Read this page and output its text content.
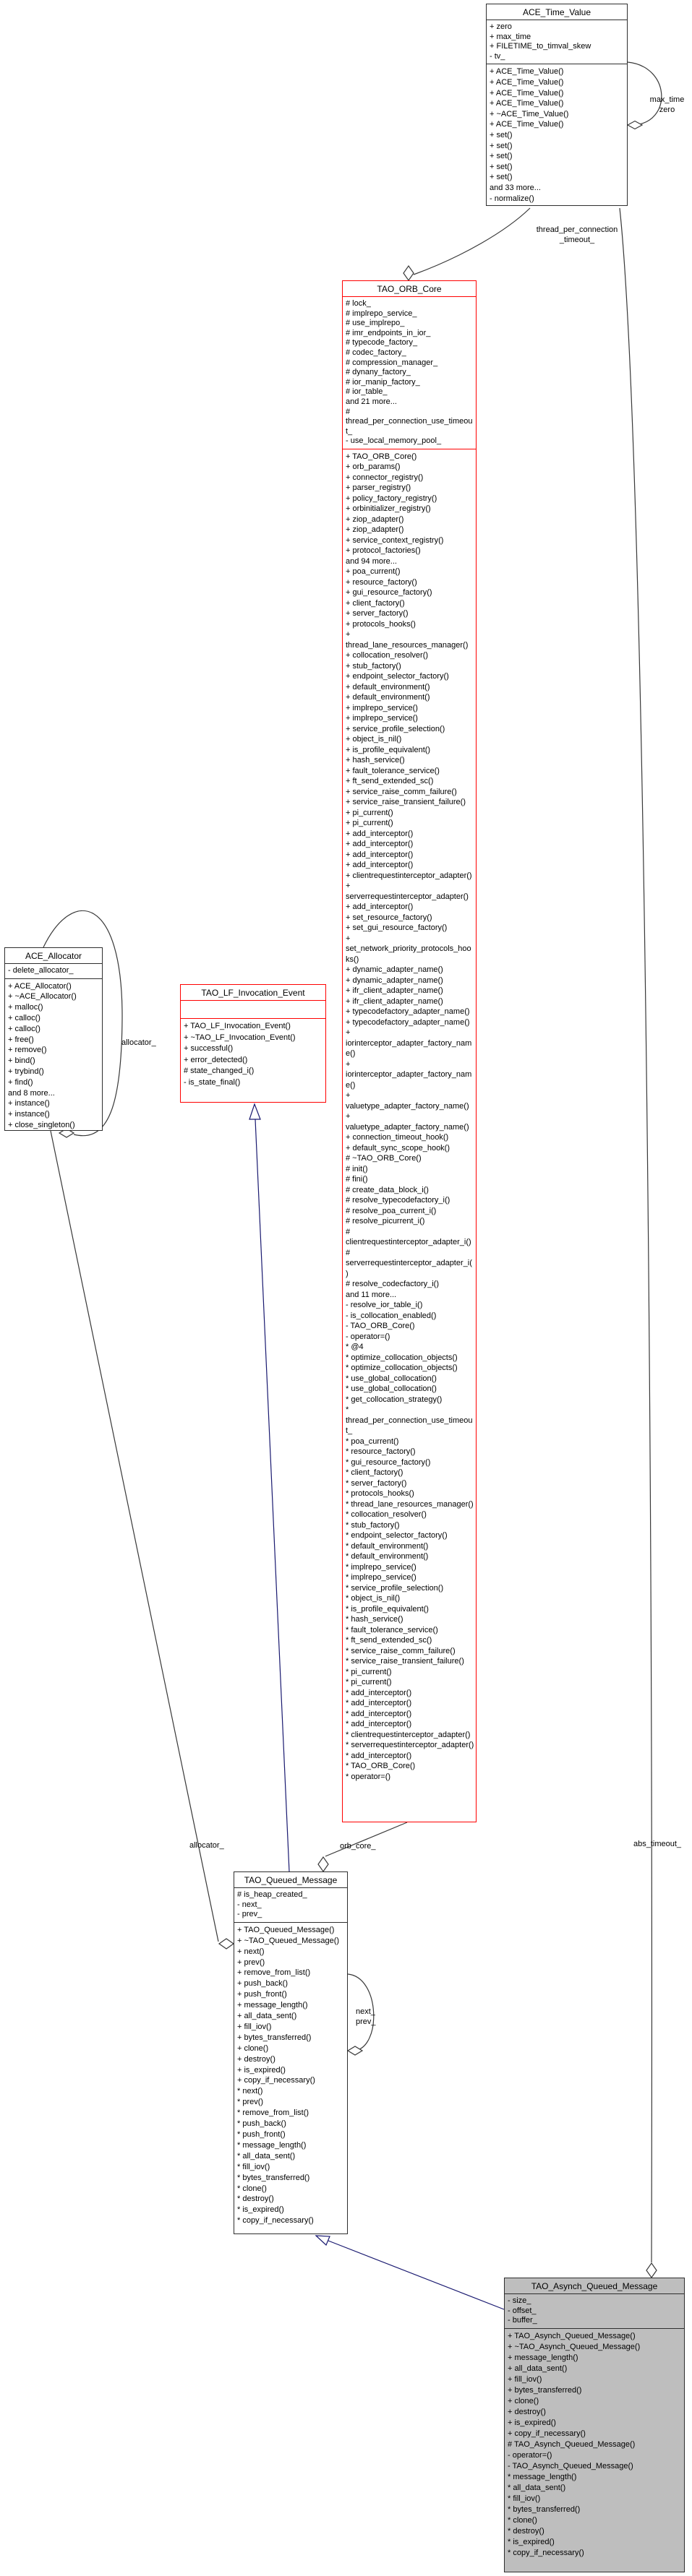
ACE_Time_Value
+ zero
+ max_time
+ FILETIME_to_timval_skew
- tv_
+ ACE_Time_Value()
+ ACE_Time_Value()
+ ACE_Time_Value()
+ ACE_Time_Value()
+ ~ACE_Time_Value()
+ ACE_Time_Value()
+ set()
+ set()
+ set()
+ set()
+ set()
and 33 more...
- normalize()
TAO_ORB_Core
# lock_
# implrepo_service_
# use_implrepo_
# imr_endpoints_in_ior_
# typecode_factory_
# codec_factory_
# compression_manager_
# dynany_factory_
# ior_manip_factory_
# ior_table_
and 21 more...
# thread_per_connection_use_timeout_
- use_local_memory_pool_
+ TAO_ORB_Core()
+ orb_params()
+ connector_registry()
+ parser_registry()
+ policy_factory_registry()
+ orbinitializer_registry()
+ ziop_adapter()
+ ziop_adapter()
+ service_context_registry()
+ protocol_factories()
and 94 more...
+ poa_current()
+ resource_factory()
+ gui_resource_factory()
+ client_factory()
+ server_factory()
+ protocols_hooks()
+ thread_lane_resources_manager()
+ collocation_resolver()
+ stub_factory()
+ endpoint_selector_factory()
+ default_environment()
+ default_environment()
+ implrepo_service()
+ implrepo_service()
+ service_profile_selection()
+ object_is_nil()
+ is_profile_equivalent()
+ hash_service()
+ fault_tolerance_service()
+ ft_send_extended_sc()
+ service_raise_comm_failure()
+ service_raise_transient_failure()
+ pi_current()
+ pi_current()
+ add_interceptor()
+ add_interceptor()
+ add_interceptor()
+ add_interceptor()
+ clientrequestinterceptor_adapter()
+ serverrequestinterceptor_adapter()
+ add_interceptor()
+ set_resource_factory()
+ set_gui_resource_factory()
+ set_network_priority_protocols_hooks()
+ dynamic_adapter_name()
+ dynamic_adapter_name()
+ ifr_client_adapter_name()
+ ifr_client_adapter_name()
+ typecodefactory_adapter_name()
+ typecodefactory_adapter_name()
+ iorinterceptor_adapter_factory_name()
+ iorinterceptor_adapter_factory_name()
+ valuetype_adapter_factory_name()
+ valuetype_adapter_factory_name()
+ connection_timeout_hook()
+ default_sync_scope_hook()
# ~TAO_ORB_Core()
# init()
# fini()
# create_data_block_i()
# resolve_typecodefactory_i()
# resolve_poa_current_i()
# resolve_picurrent_i()
# clientrequestinterceptor_adapter_i()
# serverrequestinterceptor_adapter_i()
# resolve_codecfactory_i()
and 11 more...
- resolve_ior_table_i()
- is_collocation_enabled()
- TAO_ORB_Core()
- operator=()
* @4
* optimize_collocation_objects()
* optimize_collocation_objects()
* use_global_collocation()
* use_global_collocation()
* get_collocation_strategy()
* thread_per_connection_use_timeout_
* poa_current()
* resource_factory()
* gui_resource_factory()
* client_factory()
* server_factory()
* protocols_hooks()
* thread_lane_resources_manager()
* collocation_resolver()
* stub_factory()
* endpoint_selector_factory()
* default_environment()
* default_environment()
* implrepo_service()
* implrepo_service()
* service_profile_selection()
* object_is_nil()
* is_profile_equivalent()
* hash_service()
* fault_tolerance_service()
* ft_send_extended_sc()
* service_raise_comm_failure()
* service_raise_transient_failure()
* pi_current()
* pi_current()
* add_interceptor()
* add_interceptor()
* add_interceptor()
* add_interceptor()
* clientrequestinterceptor_adapter()
* serverrequestinterceptor_adapter()
* add_interceptor()
* TAO_ORB_Core()
* operator=()
ACE_Allocator
- delete_allocator_
+ ACE_Allocator()
+ ~ACE_Allocator()
+ malloc()
+ calloc()
+ calloc()
+ free()
+ remove()
+ bind()
+ trybind()
+ find()
and 8 more...
+ instance()
+ instance()
+ close_singleton()
TAO_LF_Invocation_Event
+ TAO_LF_Invocation_Event()
+ ~TAO_LF_Invocation_Event()
+ successful()
+ error_detected()
# state_changed_i()
- is_state_final()
TAO_Queued_Message
# is_heap_created_
- next_
- prev_
+ TAO_Queued_Message()
+ ~TAO_Queued_Message()
+ next()
+ prev()
+ remove_from_list()
+ push_back()
+ push_front()
+ message_length()
+ all_data_sent()
+ fill_iov()
+ bytes_transferred()
+ clone()
+ destroy()
+ is_expired()
+ copy_if_necessary()
* next()
* prev()
* remove_from_list()
* push_back()
* push_front()
* message_length()
* all_data_sent()
* fill_iov()
* bytes_transferred()
* clone()
* destroy()
* is_expired()
* copy_if_necessary()
TAO_Asynch_Queued_Message
- size_
- offset_
- buffer_
+ TAO_Asynch_Queued_Message()
+ ~TAO_Asynch_Queued_Message()
+ message_length()
+ all_data_sent()
+ fill_iov()
+ bytes_transferred()
+ clone()
+ destroy()
+ is_expired()
+ copy_if_necessary()
# TAO_Asynch_Queued_Message()
- operator=()
- TAO_Asynch_Queued_Message()
* message_length()
* all_data_sent()
* fill_iov()
* bytes_transferred()
* clone()
* destroy()
* is_expired()
* copy_if_necessary()
max_time
zero
thread_per_connection
_timeout_
allocator_
allocator_	orb_core_
next_
prev_
abs_timeout_
